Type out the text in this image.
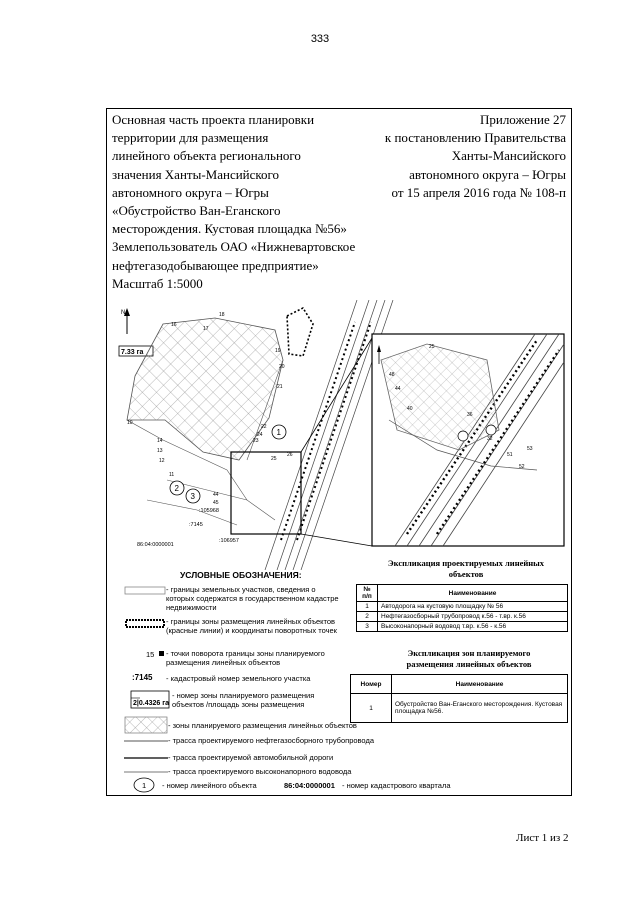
333
Основная часть проекта планировки
территории для размещения
линейного объекта регионального
значения Ханты-Мансийского
автономного округа – Югры
«Обустройство Ван-Еганского
месторождения. Кустовая площадка №56»
Землепользователь ОАО «Нижневартовское
нефтегазодобывающее предприятие»
Масштаб 1:5000
Приложение 27
к постановлению Правительства
Ханты-Мансийского
автономного округа – Югры
от 15 апреля 2016 года № 108-п
N
7.33 га
48
44
40
36
32
25
51
52
53
1
2
3
16
17
18
19
20
21
22
23
24
25
26
14
13
12
11
44
45
10
:105968
:7145
:106957
86:04:0000001
УСЛОВНЫЕ ОБОЗНАЧЕНИЯ:
- границы земельных участков, сведения о которых содержатся в государственном кадастре недвижимости
- границы зоны размещения линейных объектов (красные линии) и координаты поворотных точек
15 - точки поворота границы зоны планируемого размещения линейных объектов
:7145 - кадастровый номер земельного участка
2|0.4326 га
- номер зоны планируемого размещения объектов /площадь зоны размещения
- зоны планируемого размещения линейных объектов
- трасса проектируемого нефтегазосборного трубопровода
- трасса проектируемой автомобильной дороги
- трасса проектируемого высоконапорного водовода
1 - номер линейного объекта	86:04:0000001 - номер кадастрового квартала
Экспликация проектируемых линейных объектов
№ п/п	Наименование
1	Автодорога на кустовую площадку № 56
2	Нефтегазосборный трубопровод к.56 - т.вр. к.56
3	Высоконапорный водовод т.вр. к.56 - к.56
Экспликация зон планируемого размещения линейных объектов
Номер	Наименование
1	Обустройство Ван-Еганского месторождения. Кустовая площадка №56.
Лист 1 из 2
